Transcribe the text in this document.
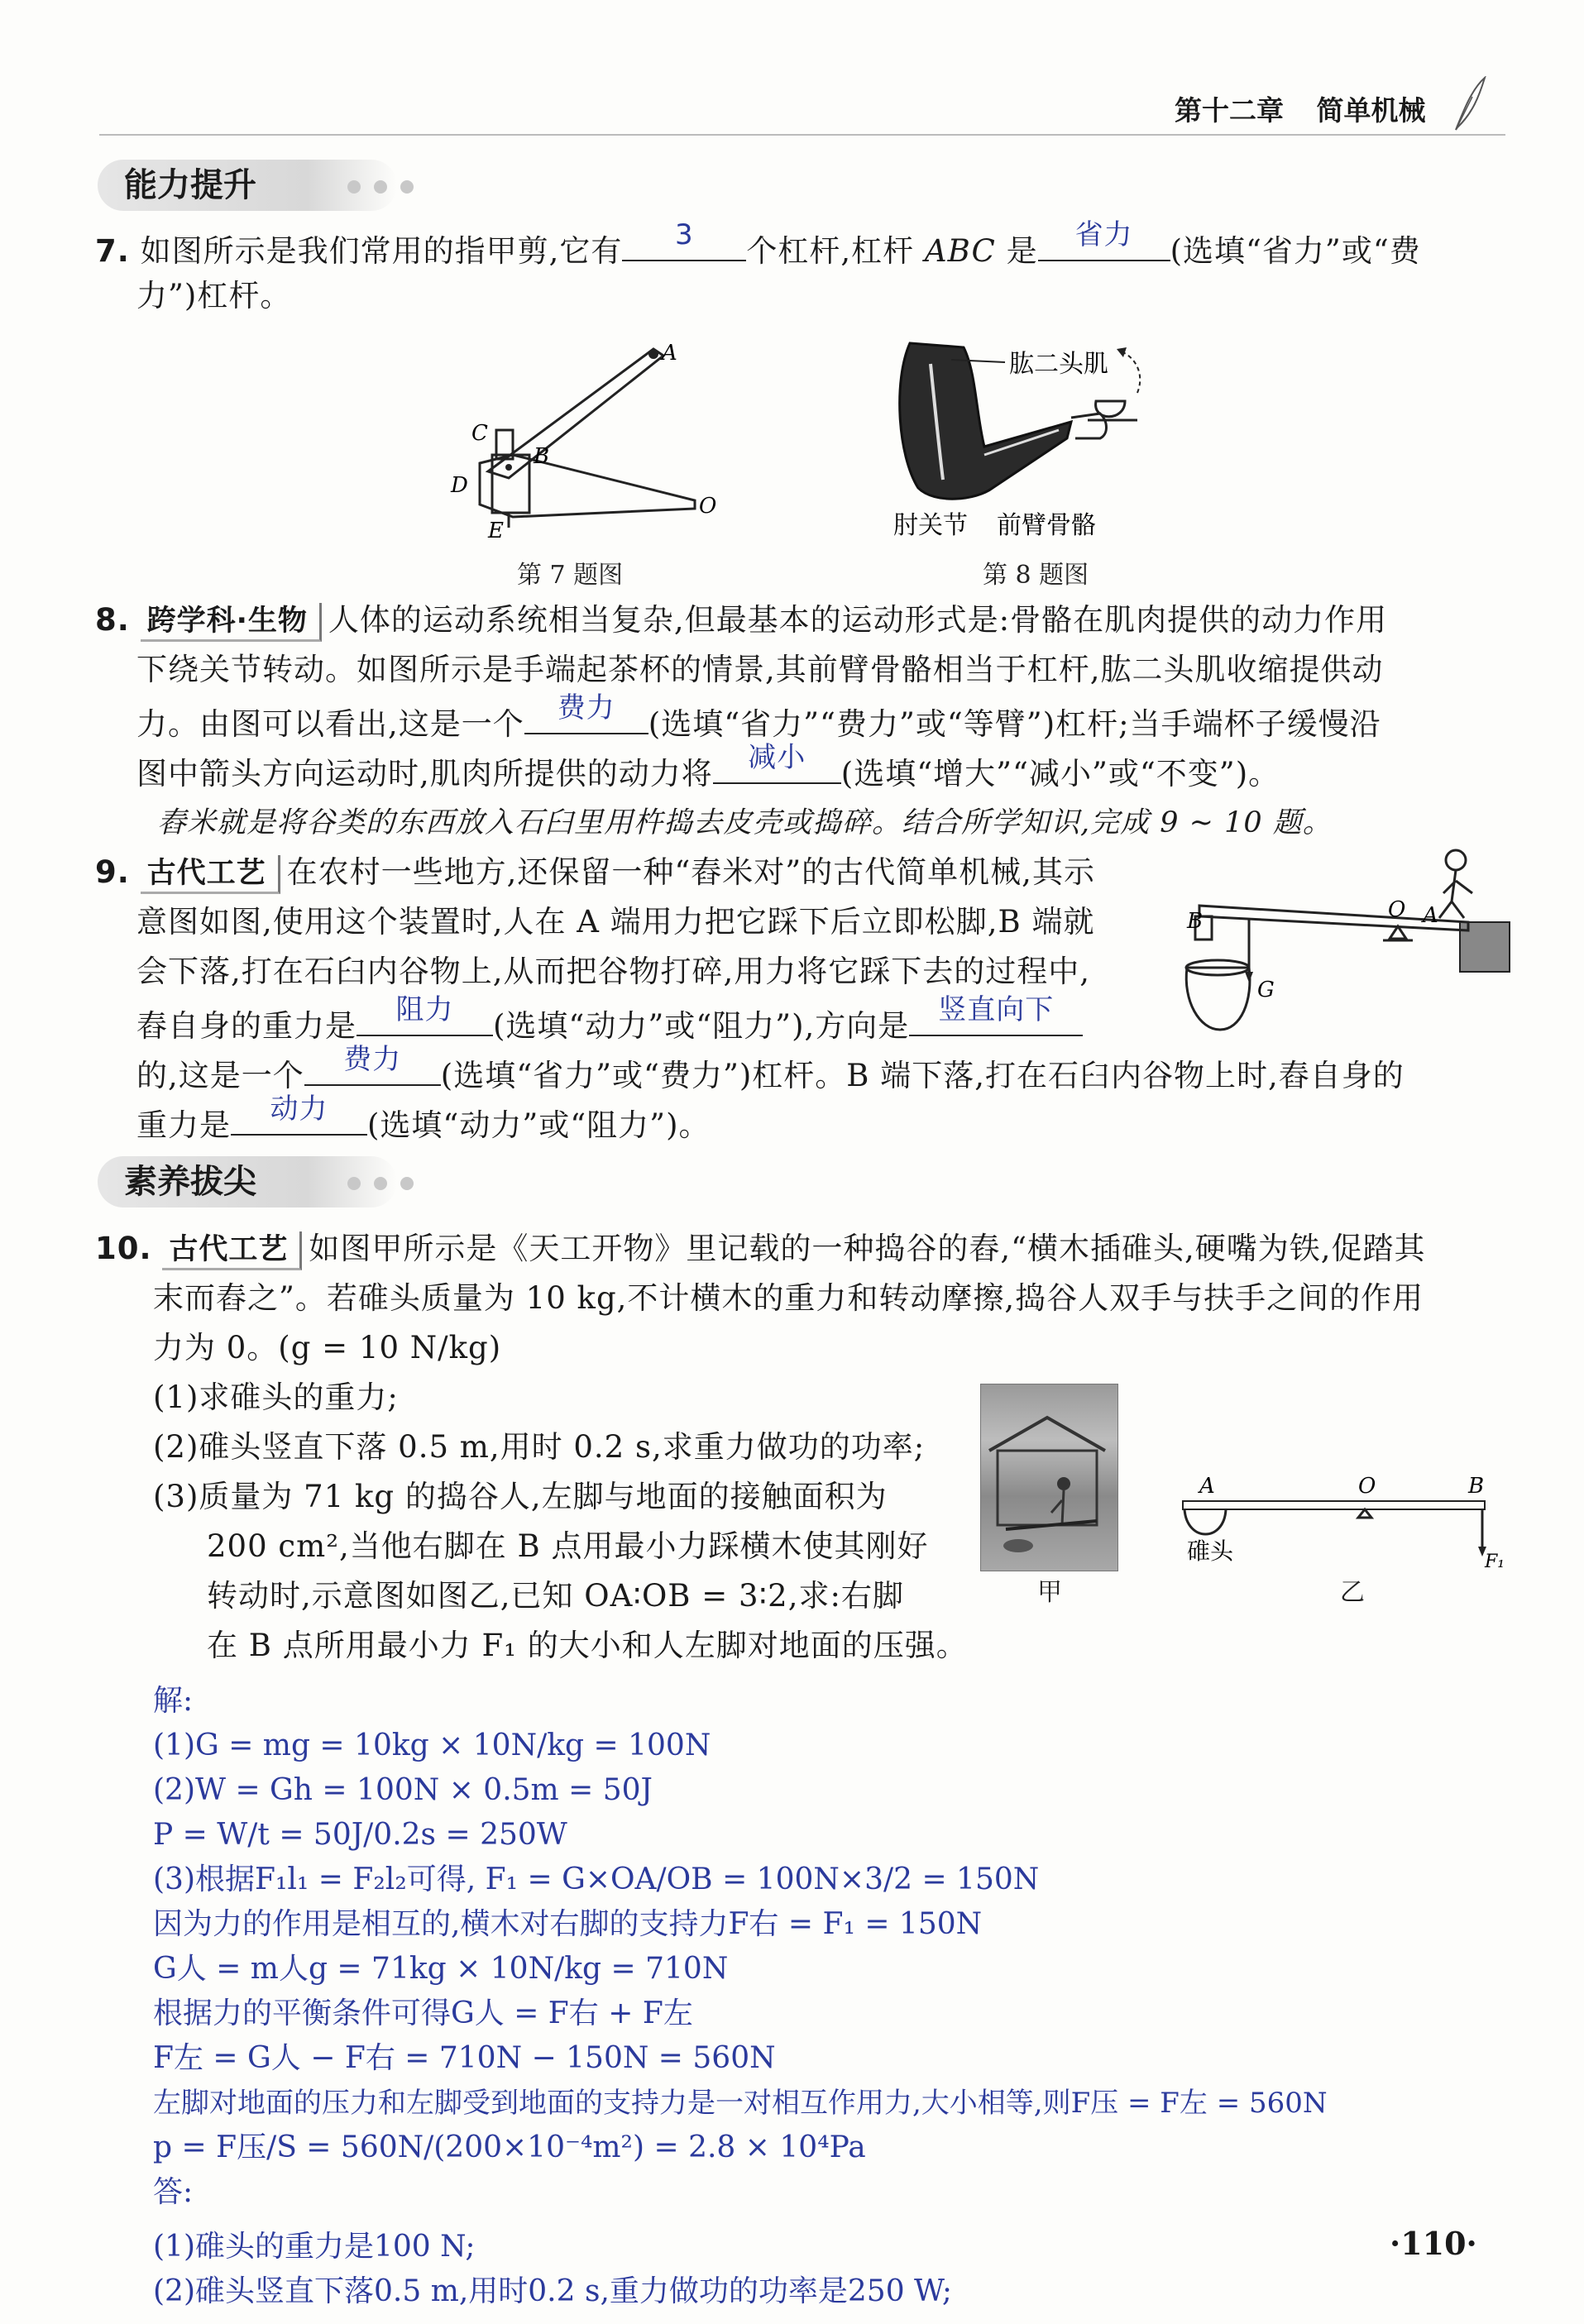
第十二章 简单机械
能力提升
7. 如图所示是我们常用的指甲剪,它有	3	个杠杆,杠杆 ABC 是	省力	(选填“省力”或“费
力”)杠杆。
A
B
C
D
E
O
第 7 题图
肱二头肌
肘关节 前臂骨骼
第 8 题图
8. 跨学科·生物 人体的运动系统相当复杂,但最基本的运动形式是:骨骼在肌肉提供的动力作用
下绕关节转动。如图所示是手端起茶杯的情景,其前臂骨骼相当于杠杆,肱二头肌收缩提供动
力。由图可以看出,这是一个	费力	(选填“省力”“费力”或“等臂”)杠杆;当手端杯子缓慢沿
图中箭头方向运动时,肌肉所提供的动力将	减小	(选填“增大”“减小”或“不变”)。
舂米就是将谷类的东西放入石臼里用杵捣去皮壳或捣碎。结合所学知识,完成 9 ~ 10 题。
9. 古代工艺 在农村一些地方,还保留一种“舂米对”的古代简单机械,其示
意图如图,使用这个装置时,人在 A 端用力把它踩下后立即松脚,B 端就
会下落,打在石臼内谷物上,从而把谷物打碎,用力将它踩下去的过程中,
舂自身的重力是	阻力	(选填“动力”或“阻力”),方向是	竖直向下
的,这是一个	费力	(选填“省力”或“费力”)杠杆。B 端下落,打在石臼内谷物上时,舂自身的
重力是	动力	(选填“动力”或“阻力”)。
B	O A
G
素养拔尖
10. 古代工艺 如图甲所示是《天工开物》里记载的一种捣谷的舂,“横木插碓头,硬嘴为铁,促踏其
末而舂之”。若碓头质量为 10 kg,不计横木的重力和转动摩擦,捣谷人双手与扶手之间的作用
力为 0。(g = 10 N/kg)
(1)求碓头的重力;
(2)碓头竖直下落 0.5 m,用时 0.2 s,求重力做功的功率;
(3)质量为 71 kg 的捣谷人,左脚与地面的接触面积为
200 cm²,当他右脚在 B 点用最小力踩横木使其刚好
转动时,示意图如图乙,已知 OA∶OB = 3∶2,求:右脚
在 B 点所用最小力 F₁ 的大小和人左脚对地面的压强。
甲
A	O	B
碓头	F₁
乙
解:
(1)G = mg = 10kg × 10N/kg = 100N
(2)W = Gh = 100N × 0.5m = 50J
P = W/t = 50J/0.2s = 250W
(3)根据F₁l₁ = F₂l₂可得, F₁ = G×OA/OB = 100N×3/2 = 150N
因为力的作用是相互的,横木对右脚的支持力F右 = F₁ = 150N
G人 = m人g = 71kg × 10N/kg = 710N
根据力的平衡条件可得G人 = F右 + F左
F左 = G人 − F右 = 710N − 150N = 560N
左脚对地面的压力和左脚受到地面的支持力是一对相互作用力,大小相等,则F压 = F左 = 560N
p = F压/S = 560N/(200×10⁻⁴m²) = 2.8 × 10⁴Pa
答:
(1)碓头的重力是100 N;
(2)碓头竖直下落0.5 m,用时0.2 s,重力做功的功率是250 W;
·110·
